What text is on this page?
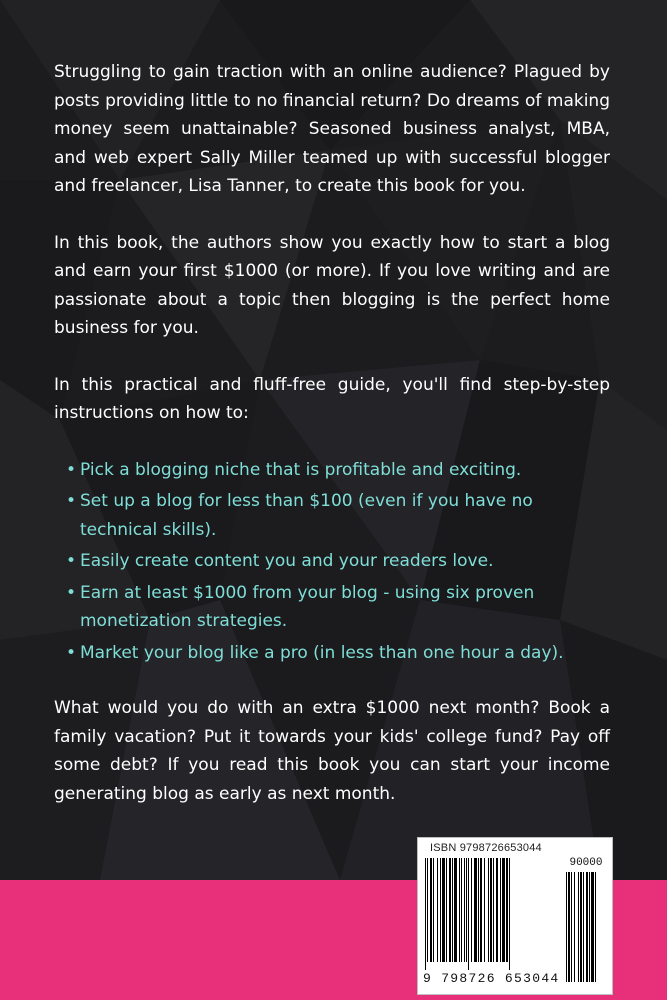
Struggling to gain traction with an online audience? Plagued by posts providing little to no financial return? Do dreams of making money seem unattainable? Seasoned business analyst, MBA, and web expert Sally Miller teamed up with successful blogger and freelancer, Lisa Tanner, to create this book for you.

In this book, the authors show you exactly how to start a blog and earn your first $1000 (or more). If you love writing and are passionate about a topic then blogging is the perfect home business for you.

In this practical and fluff-free guide, you'll find step-by-step instructions on how to:

• Pick a blogging niche that is profitable and exciting.
• Set up a blog for less than $100 (even if you have no technical skills).
• Easily create content you and your readers love.
• Earn at least $1000 from your blog - using six proven monetization strategies.
• Market your blog like a pro (in less than one hour a day).

What would you do with an extra $1000 next month? Book a family vacation? Put it towards your kids' college fund? Pay off some debt? If you read this book you can start your income generating blog as early as next month.

ISBN 9798726653044
90000
9 798726 653044
